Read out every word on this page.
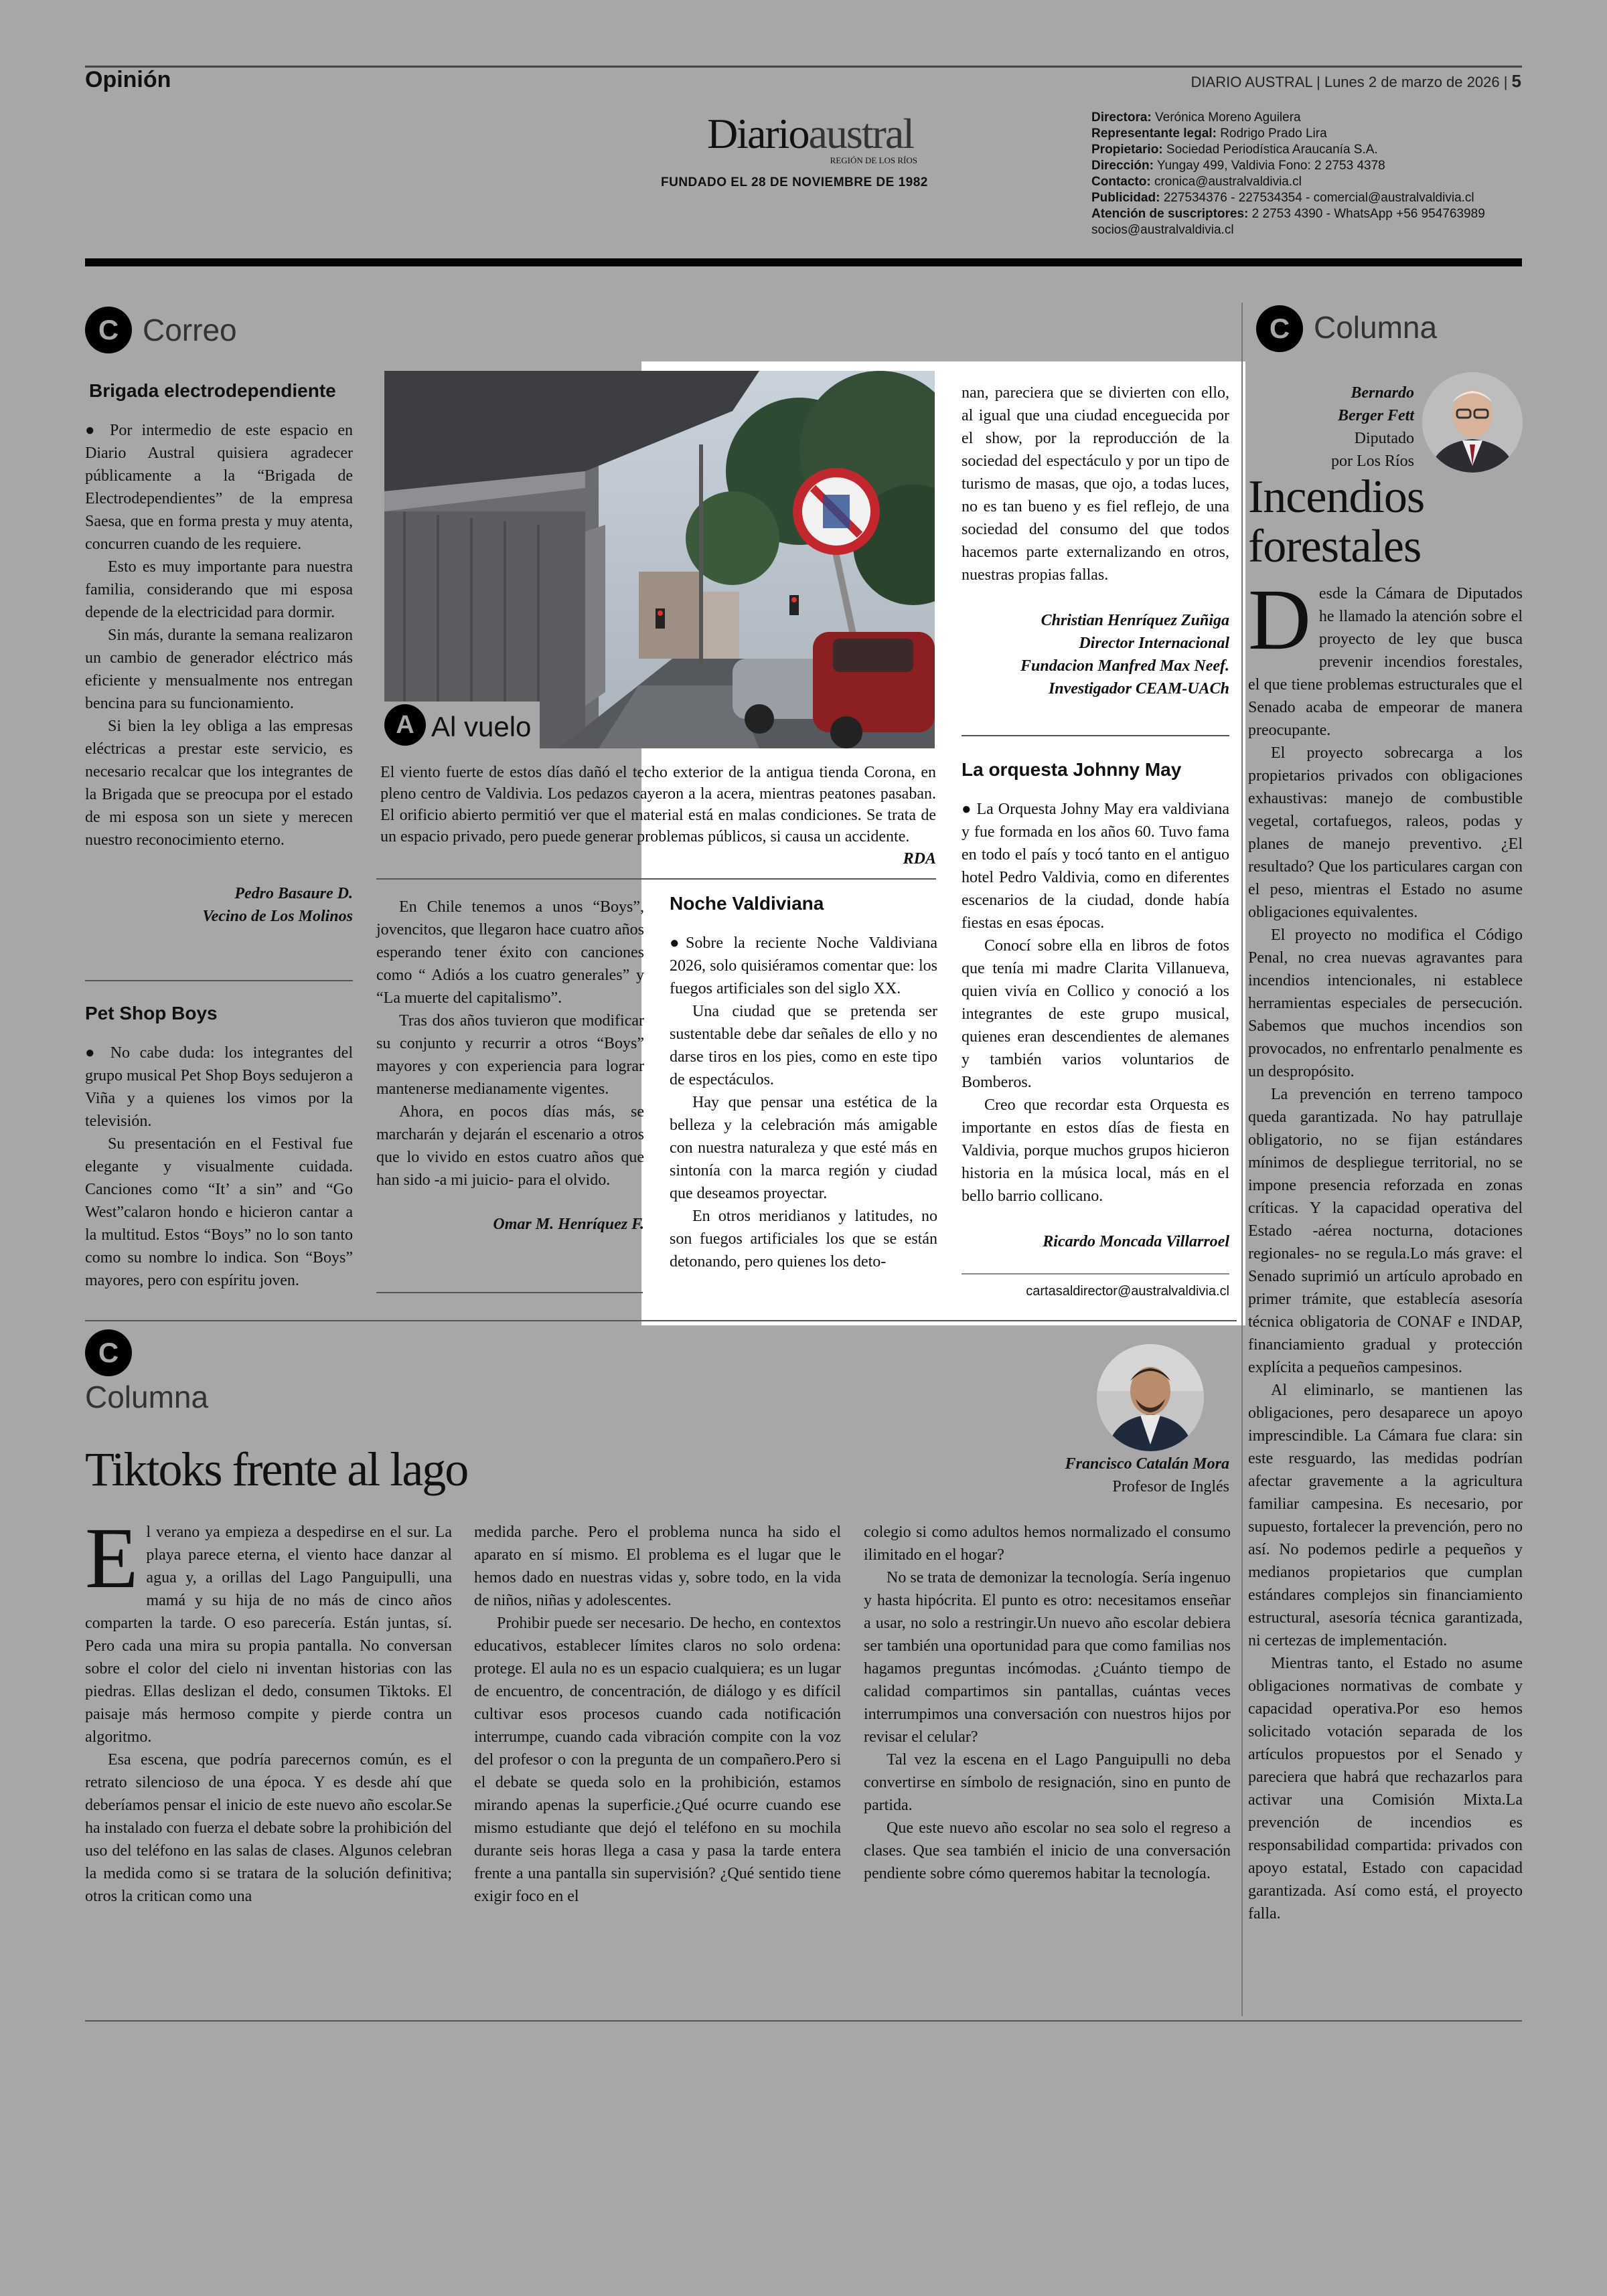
Opinión	DIARIO AUSTRAL | Lunes 2 de marzo de 2026 | 5
Diarioaustral
REGIÓN DE LOS RÍOS
FUNDADO EL 28 DE NOVIEMBRE DE 1982
Directora: Verónica Moreno Aguilera
Representante legal: Rodrigo Prado Lira
Propietario: Sociedad Periodística Araucanía S.A.
Dirección: Yungay 499, Valdivia Fono: 2 2753 4378
Contacto: cronica@australvaldivia.cl
Publicidad: 227534376 - 227534354 - comercial@australvaldivia.cl
Atención de suscriptores: 2 2753 4390 - WhatsApp +56 954763989
socios@australvaldivia.cl
C Correo
Brigada electrodependiente

● Por intermedio de este espacio en Diario Austral quisiera agradecer públicamente a la “Brigada de Electrodependientes” de la empresa Saesa, que en forma presta y muy atenta, concurren cuando de les requiere.

Esto es muy importante para nuestra familia, considerando que mi esposa depende de la electricidad para dormir.

Sin más, durante la semana realizaron un cambio de generador eléctrico más eficiente y mensualmente nos entregan bencina para su funcionamiento.

Si bien la ley obliga a las empresas eléctricas a prestar este servicio, es necesario recalcar que los integrantes de la Brigada que se preocupa por el estado de mi esposa son un siete y merecen nuestro reconocimiento eterno.

Pedro Basaure D.
Vecino de Los Molinos
Pet Shop Boys

● No cabe duda: los integrantes del grupo musical Pet Shop Boys sedujeron a Viña y a quienes los vimos por la televisión.

Su presentación en el Festival fue elegante y visualmente cuidada. Canciones como “It’ a sin” and “Go West”calaron hondo e hicieron cantar a la multitud. Estos “Boys” no lo son tanto como su nombre lo indica. Son “Boys” mayores, pero con espíritu joven.

En Chile tenemos a unos “Boys”, jovencitos, que llegaron hace cuatro años esperando tener éxito con canciones como “ Adiós a los cuatro generales” y “La muerte del capitalismo”.

Tras dos años tuvieron que modificar su conjunto y recurrir a otros “Boys” mayores y con experiencia para lograr mantenerse medianamente vigentes.

Ahora, en pocos días más, se marcharán y dejarán el escenario a otros que lo vivido en estos cuatro años que han sido -a mi juicio- para el olvido.

Omar M. Henríquez F.
A Al vuelo
El viento fuerte de estos días dañó el techo exterior de la antigua tienda Corona, en pleno centro de Valdivia. Los pedazos cayeron a la acera, mientras peatones pasaban. El orificio abierto permitió ver que el material está en malas condiciones. Se trata de un espacio privado, pero puede generar problemas públicos, si causa un accidente.
RDA
Noche Valdiviana

●Sobre la reciente Noche Valdiviana 2026, solo quisiéramos comentar que: los fuegos artificiales son del siglo XX.

Una ciudad que se pretenda ser sustentable debe dar señales de ello y no darse tiros en los pies, como en este tipo de espectáculos.

Hay que pensar una estética de la belleza y la celebración más amigable con nuestra naturaleza y que esté más en sintonía con la marca región y ciudad que deseamos proyectar.

En otros meridianos y latitudes, no son fuegos artificiales los que se están detonando, pero quienes los deto-

nan, pareciera que se divierten con ello, al igual que una ciudad enceguecida por el show, por la reproducción de la sociedad del espectáculo y por un tipo de turismo de masas, que ojo, a todas luces, no es tan bueno y es fiel reflejo, de una sociedad del consumo del que todos hacemos parte externalizando en otros, nuestras propias fallas.

Christian Henríquez Zuñiga
Director Internacional
Fundacion Manfred Max Neef.
Investigador CEAM-UACh
La orquesta Johnny May

● La Orquesta Johny May era valdiviana y fue formada en los años 60. Tuvo fama en todo el país y tocó tanto en el antiguo hotel Pedro Valdivia, como en diferentes escenarios de la ciudad, donde había fiestas en esas épocas.

Conocí sobre ella en libros de fotos que tenía mi madre Clarita Villanueva, quien vivía en Collico y conoció a los integrantes de este grupo musical, quienes eran descendientes de alemanes y también varios voluntarios de Bomberos.

Creo que recordar esta Orquesta es importante en estos días de fiesta en Valdivia, porque muchos grupos hicieron historia en la música local, más en el bello barrio collicano.

Ricardo Moncada Villarroel
cartasaldirector@australvaldivia.cl
C Columna
Bernardo
Berger Fett
Diputado
por Los Ríos
Incendios forestales

Desde la Cámara de Diputados he llamado la atención sobre el proyecto de ley que busca prevenir incendios forestales, el que tiene problemas estructurales que el Senado acaba de empeorar de manera preocupante.

El proyecto sobrecarga a los propietarios privados con obligaciones exhaustivas: manejo de combustible vegetal, cortafuegos, raleos, podas y planes de manejo preventivo. ¿El resultado? Que los particulares cargan con el peso, mientras el Estado no asume obligaciones equivalentes.

El proyecto no modifica el Código Penal, no crea nuevas agravantes para incendios intencionales, ni establece herramientas especiales de persecución. Sabemos que muchos incendios son provocados, no enfrentarlo penalmente es un despropósito.

La prevención en terreno tampoco queda garantizada. No hay patrullaje obligatorio, no se fijan estándares mínimos de despliegue territorial, no se impone presencia reforzada en zonas críticas. Y la capacidad operativa del Estado -aérea nocturna, dotaciones regionales- no se regula.Lo más grave: el Senado suprimió un artículo aprobado en primer trámite, que establecía asesoría técnica obligatoria de CONAF e INDAP, financiamiento gradual y protección explícita a pequeños campesinos.

Al eliminarlo, se mantienen las obligaciones, pero desaparece un apoyo imprescindible. La Cámara fue clara: sin este resguardo, las medidas podrían afectar gravemente a la agricultura familiar campesina. Es necesario, por supuesto, fortalecer la prevención, pero no así. No podemos pedirle a pequeños y medianos propietarios que cumplan estándares complejos sin financiamiento estructural, asesoría técnica garantizada, ni certezas de implementación.

Mientras tanto, el Estado no asume obligaciones normativas de combate y capacidad operativa.Por eso hemos solicitado votación separada de los artículos propuestos por el Senado y pareciera que habrá que rechazarlos para activar una Comisión Mixta.La prevención de incendios es responsabilidad compartida: privados con apoyo estatal, Estado con capacidad garantizada. Así como está, el proyecto falla.

C
Columna
Tiktoks frente al lago	Francisco Catalán Mora
Profesor de Inglés

El verano ya empieza a despedirse en el sur. La playa parece eterna, el viento hace danzar al agua y, a orillas del Lago Panguipulli, una mamá y su hija de no más de cinco años comparten la tarde. O eso parecería. Están juntas, sí. Pero cada una mira su propia pantalla. No conversan sobre el color del cielo ni inventan historias con las piedras. Ellas deslizan el dedo, consumen Tiktoks. El paisaje más hermoso compite y pierde contra un algoritmo.

Esa escena, que podría parecernos común, es el retrato silencioso de una época. Y es desde ahí que deberíamos pensar el inicio de este nuevo año escolar.Se ha instalado con fuerza el debate sobre la prohibición del uso del teléfono en las salas de clases. Algunos celebran la medida como si se tratara de la solución definitiva; otros la critican como una

medida parche. Pero el problema nunca ha sido el aparato en sí mismo. El problema es el lugar que le hemos dado en nuestras vidas y, sobre todo, en la vida de niños, niñas y adolescentes.

Prohibir puede ser necesario. De hecho, en contextos educativos, establecer límites claros no solo ordena: protege. El aula no es un espacio cualquiera; es un lugar de encuentro, de concentración, de diálogo y es difícil cultivar esos procesos cuando cada notificación interrumpe, cuando cada vibración compite con la voz del profesor o con la pregunta de un compañero.Pero si el debate se queda solo en la prohibición, estamos mirando apenas la superficie.¿Qué ocurre cuando ese mismo estudiante que dejó el teléfono en su mochila durante seis horas llega a casa y pasa la tarde entera frente a una pantalla sin supervisión? ¿Qué sentido tiene exigir foco en el

colegio si como adultos hemos normalizado el consumo ilimitado en el hogar?

No se trata de demonizar la tecnología. Sería ingenuo y hasta hipócrita. El punto es otro: necesitamos enseñar a usar, no solo a restringir.Un nuevo año escolar debiera ser también una oportunidad para que como familias nos hagamos preguntas incómodas. ¿Cuánto tiempo de calidad compartimos sin pantallas, cuántas veces interrumpimos una conversación con nuestros hijos por revisar el celular?

Tal vez la escena en el Lago Panguipulli no deba convertirse en símbolo de resignación, sino en punto de partida.

Que este nuevo año escolar no sea solo el regreso a clases. Que sea también el inicio de una conversación pendiente sobre cómo queremos habitar la tecnología.
